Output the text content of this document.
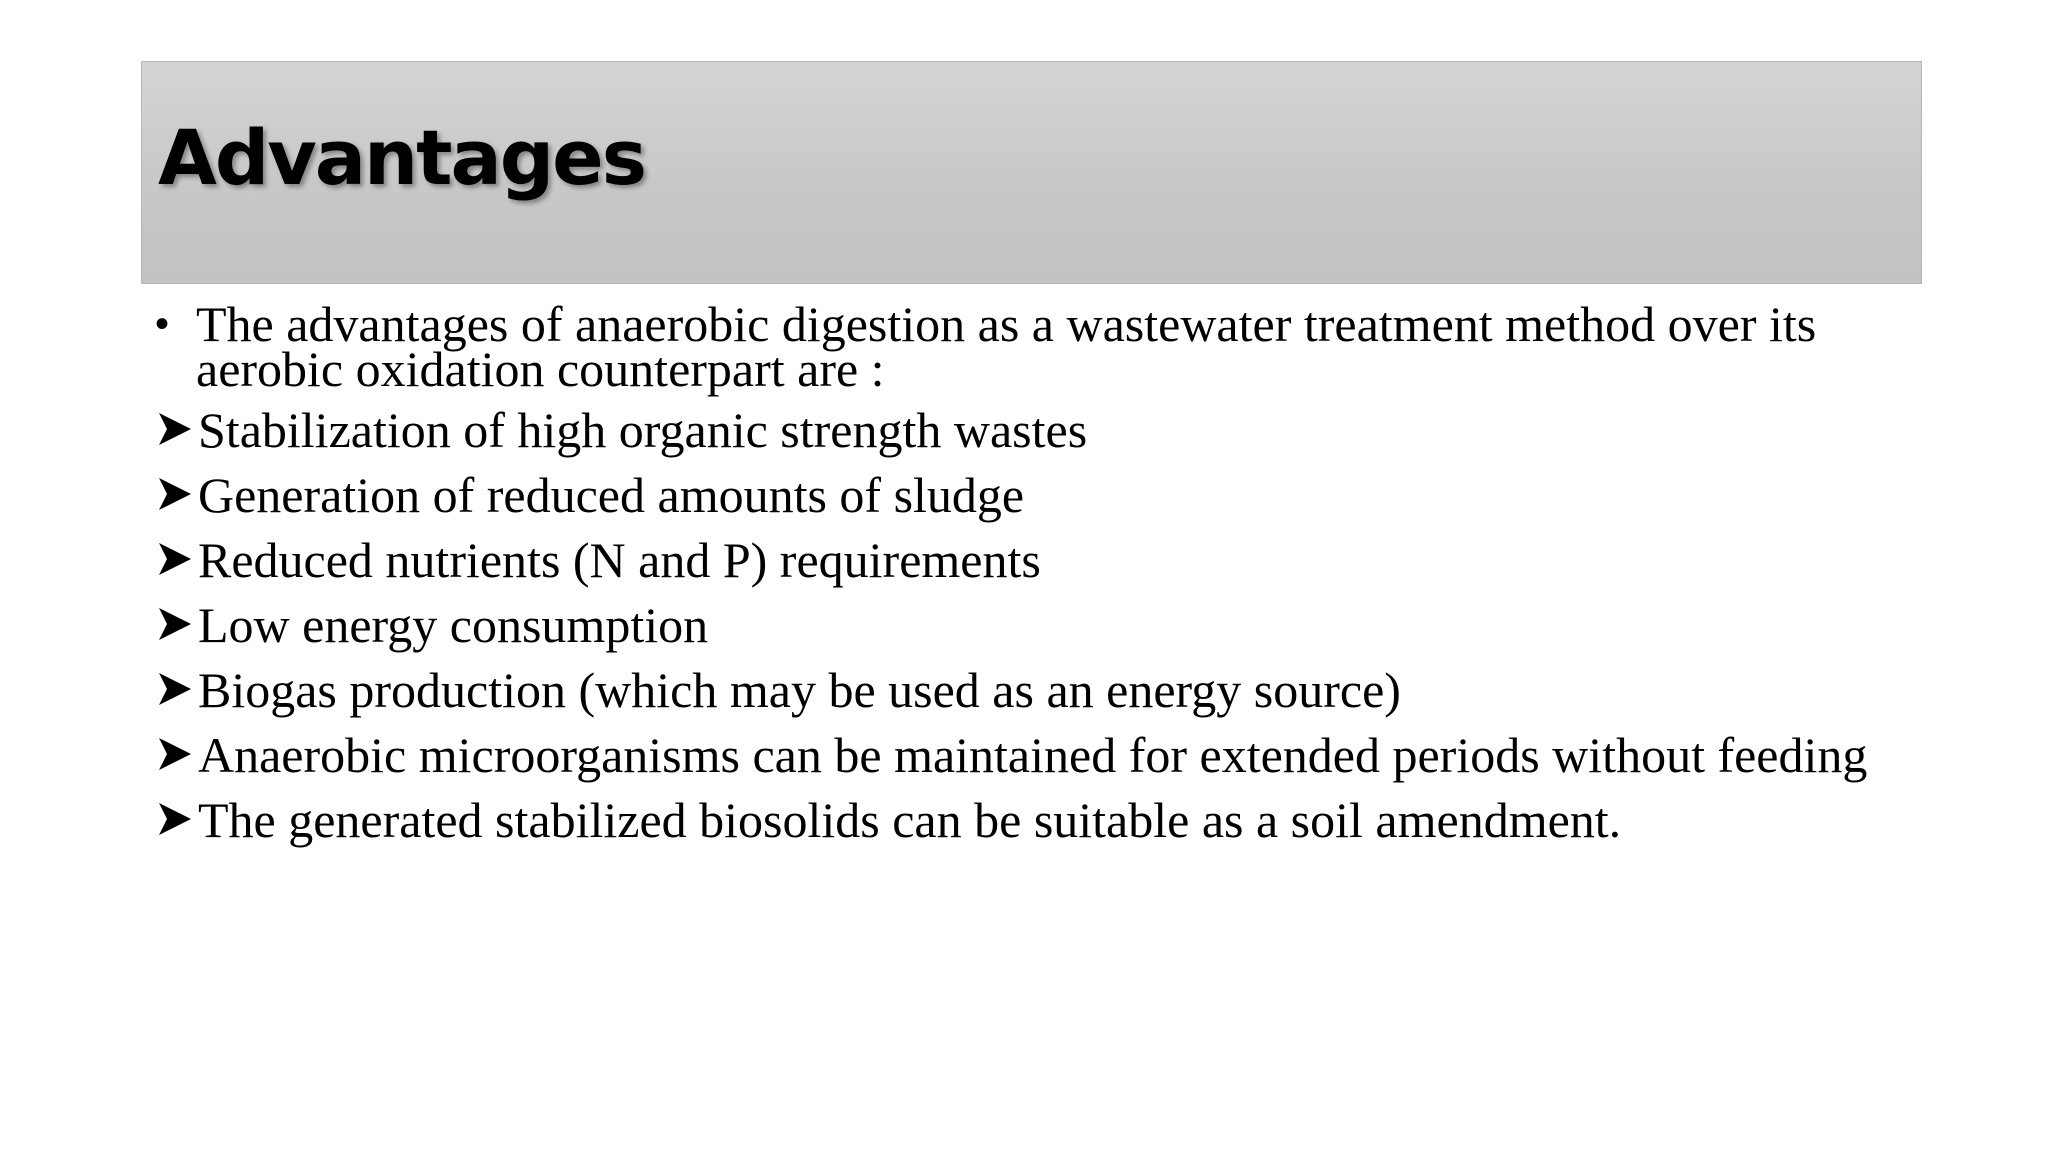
Advantages

• The advantages of anaerobic digestion as a wastewater treatment method over its aerobic oxidation counterpart are :

Stabilization of high organic strength wastes
Generation of reduced amounts of sludge
Reduced nutrients (N and P) requirements
Low energy consumption
Biogas production (which may be used as an energy source)
Anaerobic microorganisms can be maintained for extended periods without feeding
The generated stabilized biosolids can be suitable as a soil amendment.
